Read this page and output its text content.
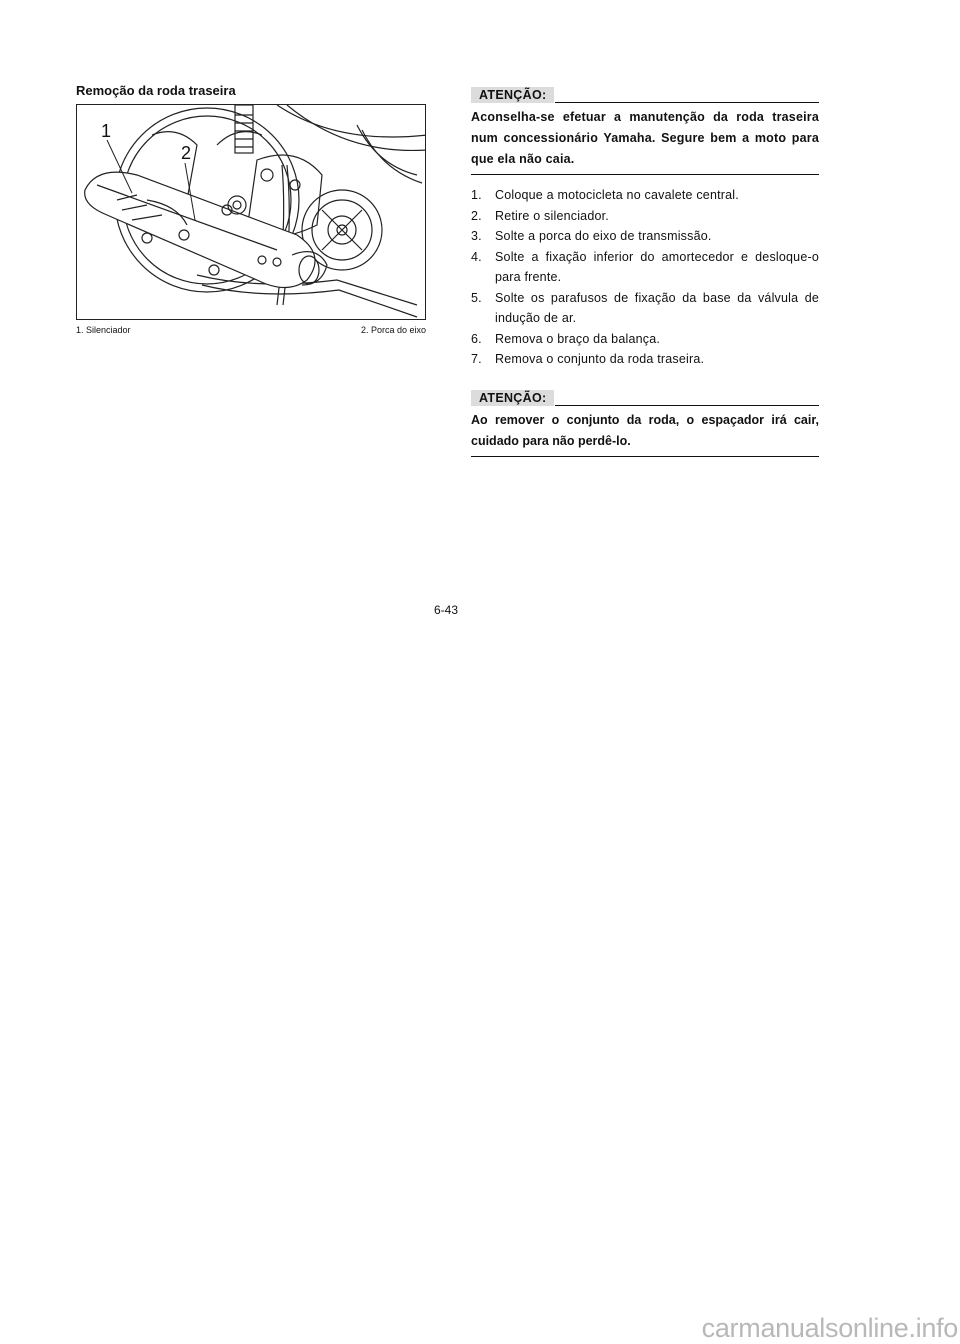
Remoção da roda traseira
1
2
1. Silenciador	2. Porca do eixo
ATENÇÃO:
Aconselha-se efetuar a manutenção da roda traseira num concessionário Yamaha. Segure bem a moto para que ela não caia.
1. Coloque a motocicleta no cavalete central.
2. Retire o silenciador.
3. Solte a porca do eixo de transmissão.
4. Solte a fixação inferior do amortecedor e desloque-o para frente.
5. Solte os parafusos de fixação da base da válvula de indução de ar.
6. Remova o braço da balança.
7. Remova o conjunto da roda traseira.
ATENÇÃO:
Ao remover o conjunto da roda, o espaçador irá cair, cuidado para não perdê-lo.
6-43
carmanualsonline.info
